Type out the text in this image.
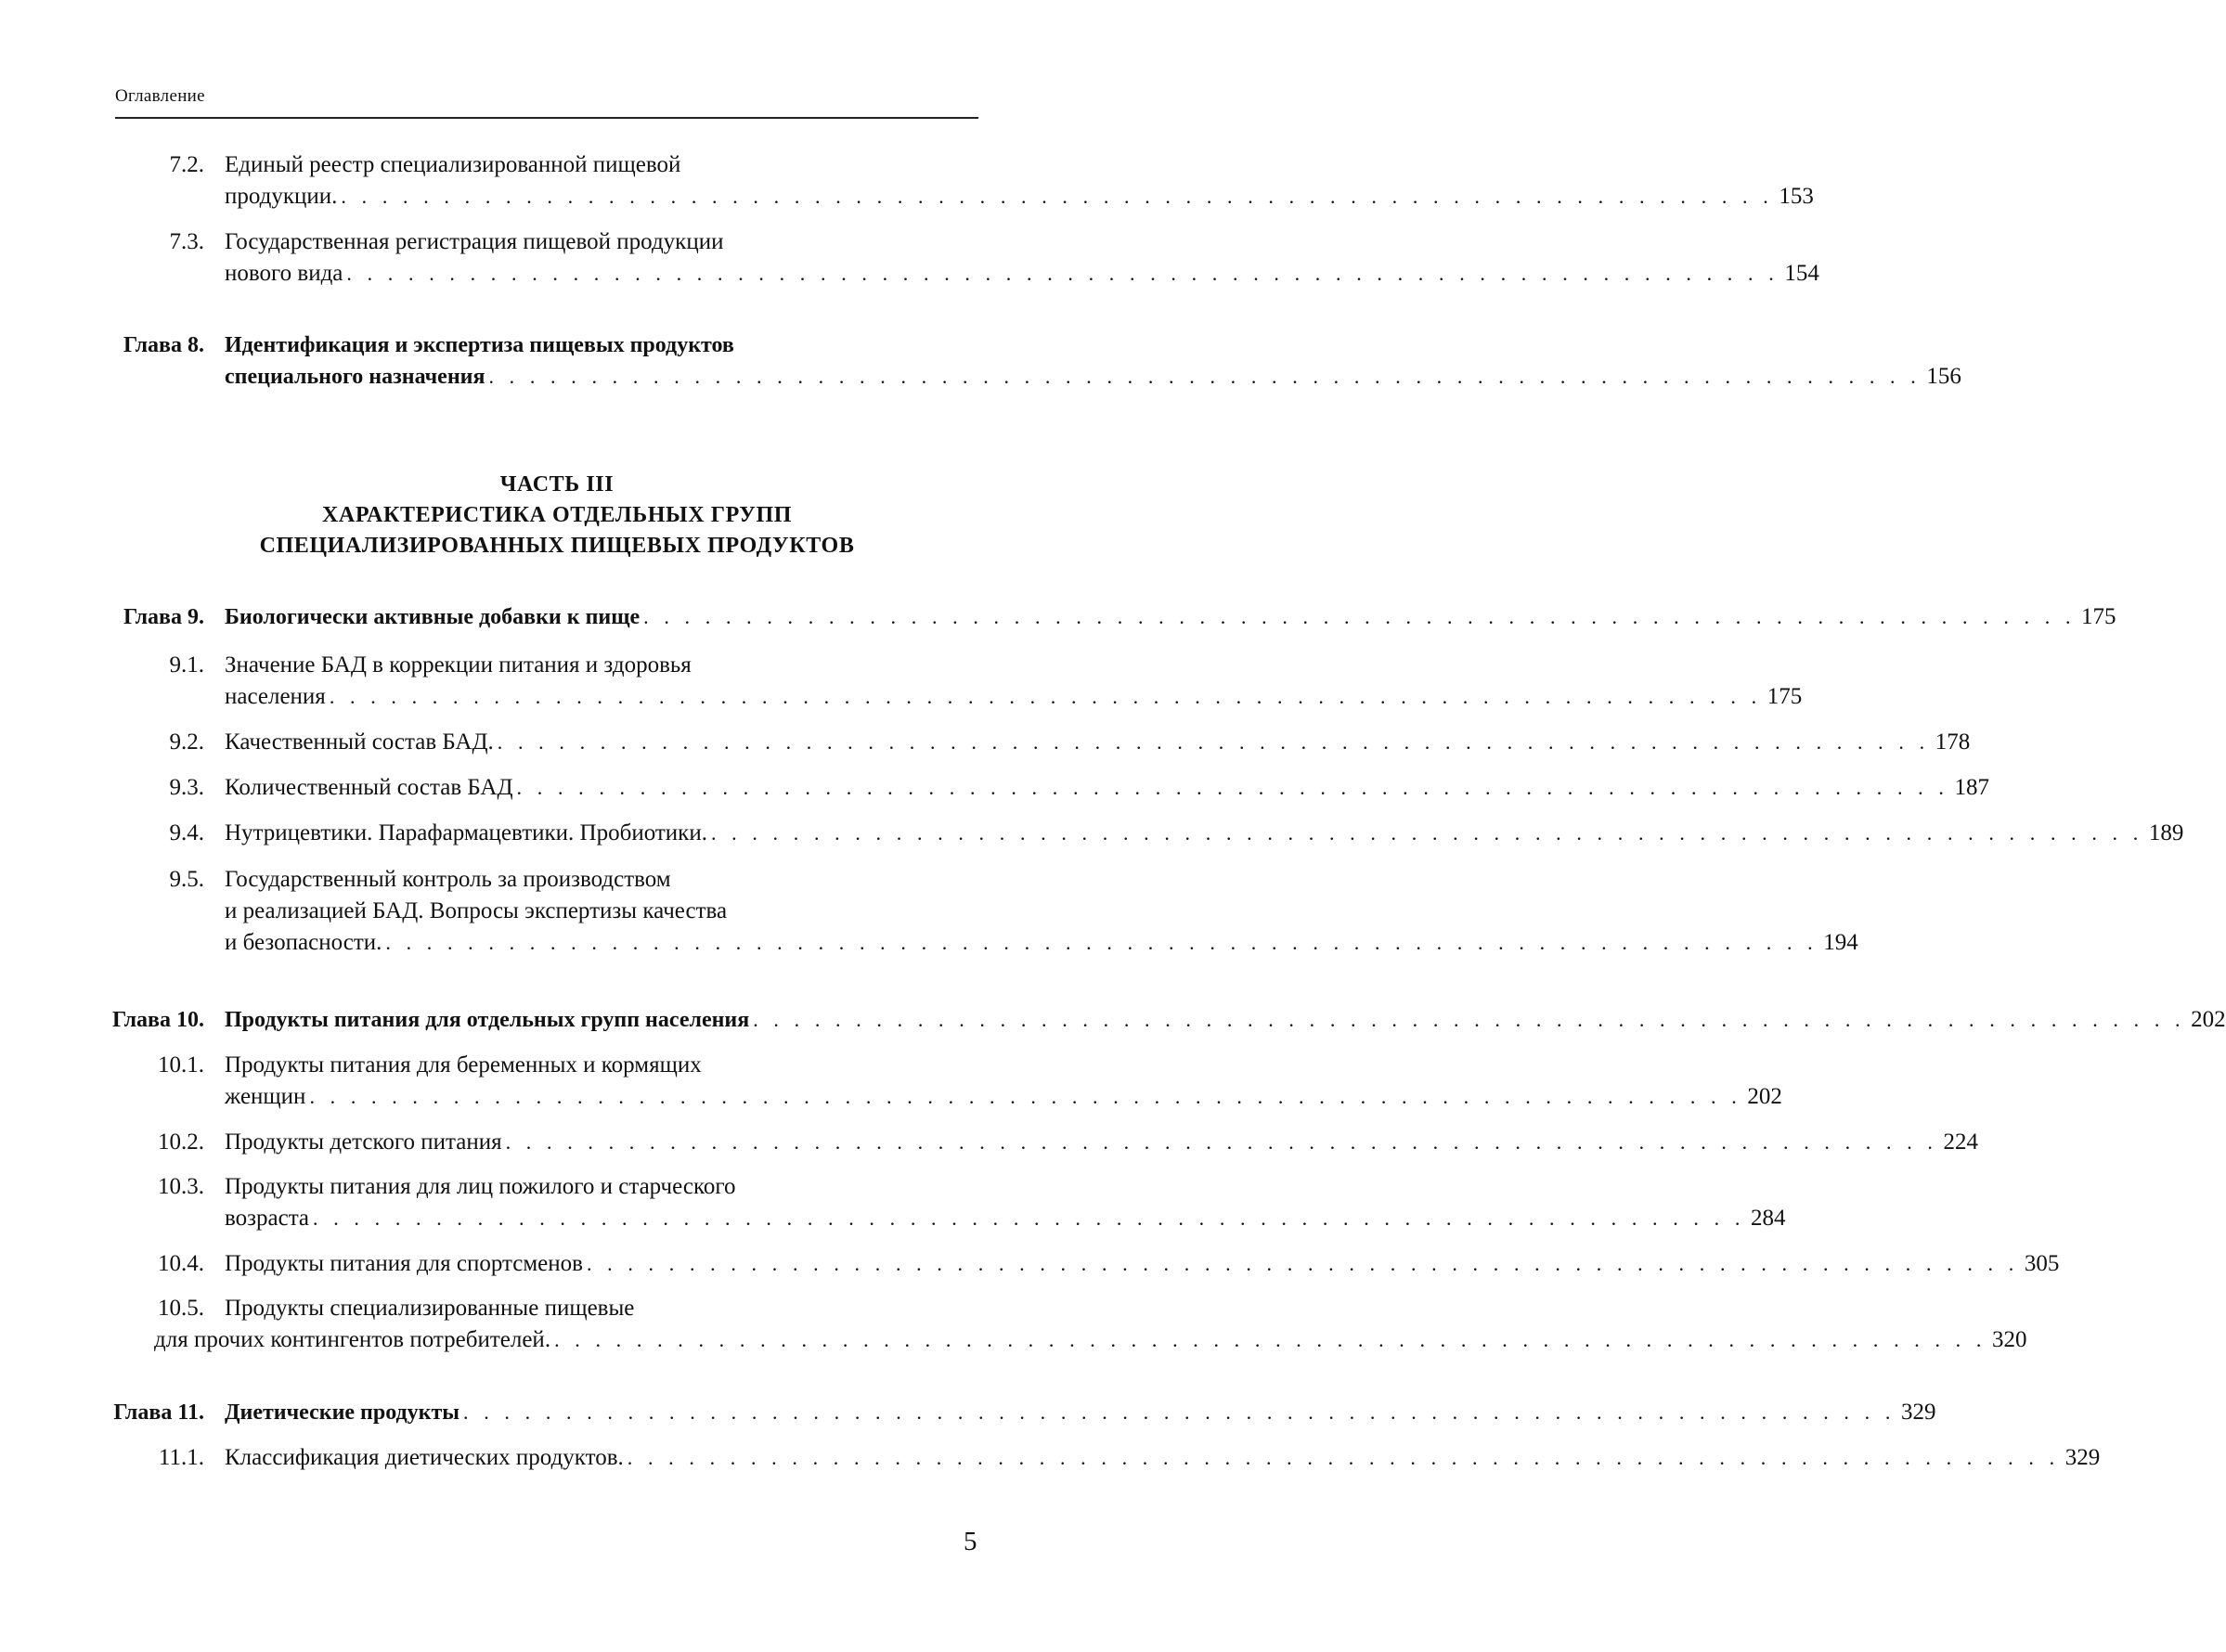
Оглавление
7.2. Единый реестр специализированной пищевой
продукции. . . . . . . . . . . . . . . . . . . . . . . . . . . . . . . . . . . . . . . . . . . . . . . . . . . . . . . . . . . . . . . . . . . . . . . 153
7.3. Государственная регистрация пищевой продукции
нового вида . . . . . . . . . . . . . . . . . . . . . . . . . . . . . . . . . . . . . . . . . . . . . . . . . . . . . . . . . . . . . . . . . . . . . . 154
Глава 8. Идентификация и экспертиза пищевых продуктов
специального назначения . . . . . . . . . . . . . . . . . . . . . . . . . . . . . . . . . . . . . . . . . . . . . . . . . . . . . . . . . . . . . . . . . . . . . . 156
ЧАСТЬ III
ХАРАКТЕРИСТИКА ОТДЕЛЬНЫХ ГРУПП
СПЕЦИАЛИЗИРОВАННЫХ ПИЩЕВЫХ ПРОДУКТОВ
Глава 9. Биологически активные добавки к пище . . . . . . . . . . . . . . . . . . . . . . . . . . . . . . . . . . . . . . . . . . . . . . . . . . . . . . . . . . . . . . . . . . . . . . 175
9.1. Значение БАД в коррекции питания и здоровья
населения . . . . . . . . . . . . . . . . . . . . . . . . . . . . . . . . . . . . . . . . . . . . . . . . . . . . . . . . . . . . . . . . . . . . . . 175
9.2. Качественный состав БАД. . . . . . . . . . . . . . . . . . . . . . . . . . . . . . . . . . . . . . . . . . . . . . . . . . . . . . . . . . . . . . . . . . . . . . . 178
9.3. Количественный состав БАД . . . . . . . . . . . . . . . . . . . . . . . . . . . . . . . . . . . . . . . . . . . . . . . . . . . . . . . . . . . . . . . . . . . . . . 187
9.4. Нутрицевтики. Парафармацевтики. Пробиотики. . . . . . . . . . . . . . . . . . . . . . . . . . . . . . . . . . . . . . . . . . . . . . . . . . . . . . . . . . . . . . . . . . . . . . . 189
9.5. Государственный контроль за производством
и реализацией БАД. Вопросы экспертизы качества
и безопасности. . . . . . . . . . . . . . . . . . . . . . . . . . . . . . . . . . . . . . . . . . . . . . . . . . . . . . . . . . . . . . . . . . . . . . . 194
Глава 10. Продукты питания для отдельных групп населения . . . . . . . . . . . . . . . . . . . . . . . . . . . . . . . . . . . . . . . . . . . . . . . . . . . . . . . . . . . . . . . . . . . . . . 202
10.1. Продукты питания для беременных и кормящих
женщин . . . . . . . . . . . . . . . . . . . . . . . . . . . . . . . . . . . . . . . . . . . . . . . . . . . . . . . . . . . . . . . . . . . . . . 202
10.2. Продукты детского питания . . . . . . . . . . . . . . . . . . . . . . . . . . . . . . . . . . . . . . . . . . . . . . . . . . . . . . . . . . . . . . . . . . . . . . 224
10.3. Продукты питания для лиц пожилого и старческого
возраста . . . . . . . . . . . . . . . . . . . . . . . . . . . . . . . . . . . . . . . . . . . . . . . . . . . . . . . . . . . . . . . . . . . . . . 284
10.4. Продукты питания для спортсменов . . . . . . . . . . . . . . . . . . . . . . . . . . . . . . . . . . . . . . . . . . . . . . . . . . . . . . . . . . . . . . . . . . . . . . 305
10.5. Продукты специализированные пищевые
для прочих контингентов потребителей. . . . . . . . . . . . . . . . . . . . . . . . . . . . . . . . . . . . . . . . . . . . . . . . . . . . . . . . . . . . . . . . . . . . . . . 320
Глава 11. Диетические продукты . . . . . . . . . . . . . . . . . . . . . . . . . . . . . . . . . . . . . . . . . . . . . . . . . . . . . . . . . . . . . . . . . . . . . . 329
11.1. Классификация диетических продуктов. . . . . . . . . . . . . . . . . . . . . . . . . . . . . . . . . . . . . . . . . . . . . . . . . . . . . . . . . . . . . . . . . . . . . . . 329
5
